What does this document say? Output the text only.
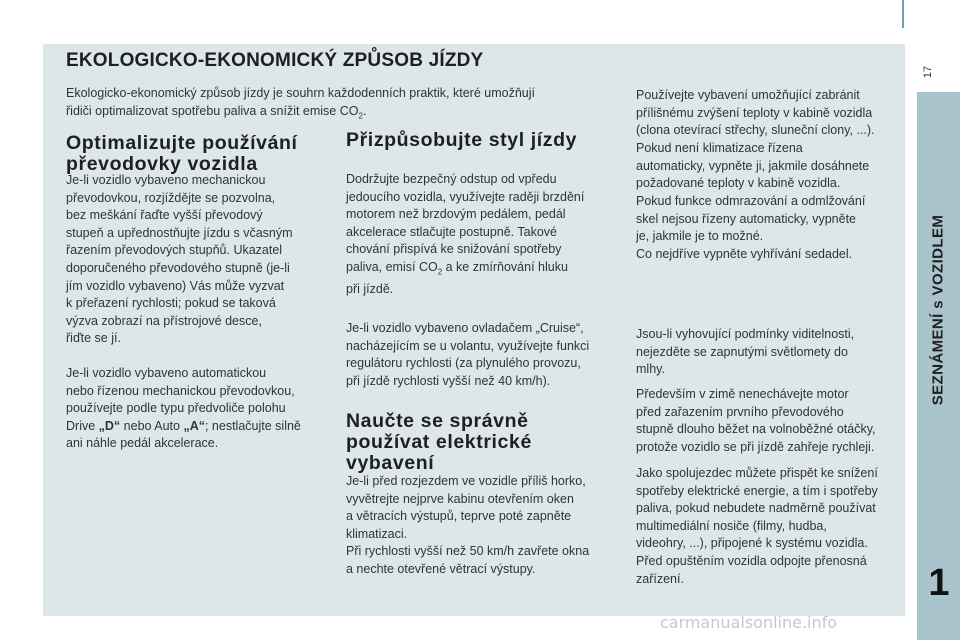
EKOLOGICKO-EKONOMICKÝ ZPŮSOB JÍZDY
Ekologicko-ekonomický způsob jízdy je souhrn každodenních praktik, které umožňují
řidiči optimalizovat spotřebu paliva a snížit emise $CO_2$.
Optimalizujte používání
převodovky vozidla
Je-li vozidlo vybaveno mechanickou
převodovkou, rozjíždějte se pozvolna,
bez meškání řaďte vyšší převodový
stupeň a upřednostňujte jízdu s včasným
řazením převodových stupňů. Ukazatel
doporučeného převodového stupně (je-li
jím vozidlo vybaveno) Vás může vyzvat
k přeřazení rychlosti; pokud se taková
výzva zobrazí na přístrojové desce,
řiďte se jí.
Je-li vozidlo vybaveno automatickou
nebo řízenou mechanickou převodovkou,
používejte podle typu předvoliče polohu
Drive „D“ nebo Auto „A“; nestlačujte silně
ani náhle pedál akcelerace.
Přizpůsobujte styl jízdy
Dodržujte bezpečný odstup od vpředu
jedoucího vozidla, využívejte raději brzdění
motorem než brzdovým pedálem, pedál
akcelerace stlačujte postupně. Takové
chování přispívá ke snižování spotřeby
paliva, emisí $CO_2$ a ke zmírňování hluku
při jízdě.
Je-li vozidlo vybaveno ovladačem „Cruise“,
nacházejícím se u volantu, využívejte funkci
regulátoru rychlosti (za plynulého provozu,
při jízdě rychlosti vyšší než 40 km/h).
Naučte se správně
používat elektrické
vybavení
Je-li před rozjezdem ve vozidle příliš horko,
vyvětrejte nejprve kabinu otevřením oken
a větracích výstupů, teprve poté zapněte
klimatizaci.
Při rychlosti vyšší než 50 km/h zavřete okna
a nechte otevřené větrací výstupy.
Používejte vybavení umožňující zabránit
přílišnému zvýšení teploty v kabině vozidla
(clona otevírací střechy, sluneční clony, ...).
Pokud není klimatizace řízena
automaticky, vypněte ji, jakmile dosáhnete
požadované teploty v kabině vozidla.
Pokud funkce odmrazování a odmlžování
skel nejsou řízeny automaticky, vypněte
je, jakmile je to možné.
Co nejdříve vypněte vyhřívání sedadel.
Jsou-li vyhovující podmínky viditelnosti,
nejezděte se zapnutými světlomety do
mlhy.
Především v zimě nenechávejte motor
před zařazením prvního převodového
stupně dlouho běžet na volnoběžné otáčky,
protože vozidlo se při jízdě zahřeje rychleji.
Jako spolujezdec můžete přispět ke snížení
spotřeby elektrické energie, a tím i spotřeby
paliva, pokud nebudete nadměrně používat
multimediální nosiče (filmy, hudba,
videohry, ...), připojené k systému vozidla.
Před opuštěním vozidla odpojte přenosná
zařízení.
17
SEZNÁMENÍ s VOZIDLEM
1
carmanualsonline.info
